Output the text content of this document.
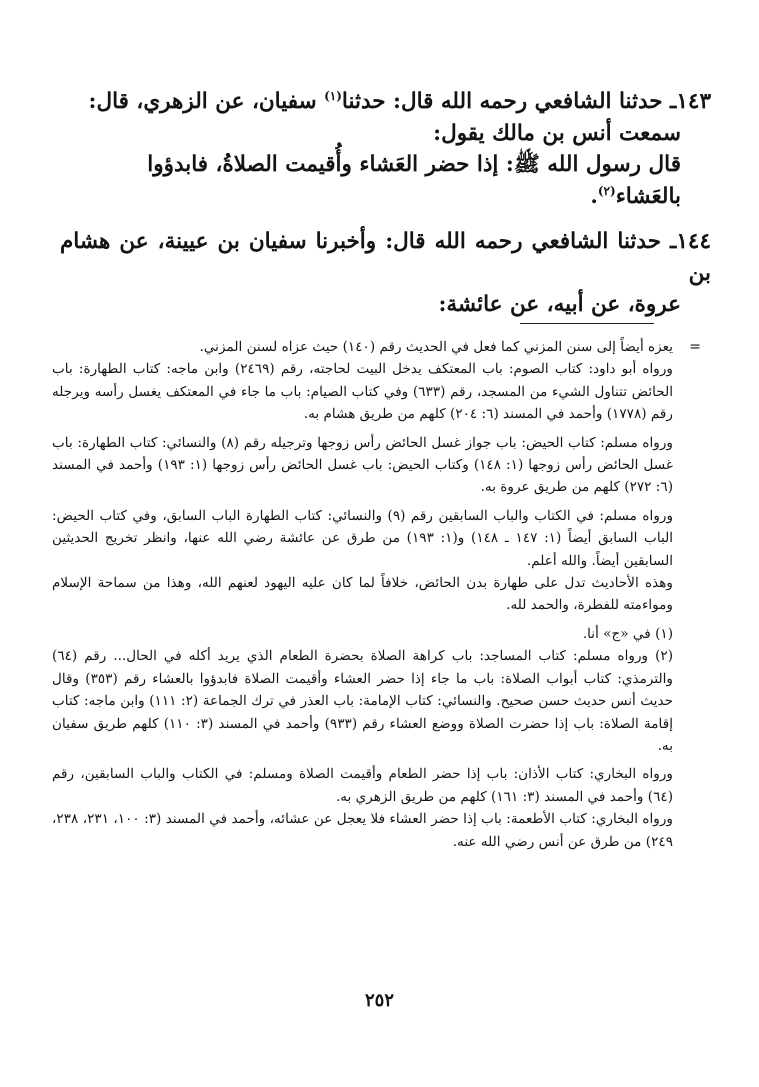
١٤٣ـ حدثنا الشافعي رحمه الله قال: حدثنا$^{(١)}$ سفيان، عن الزهري، قال:

سمعت أنس بن مالك يقول:

قال رسول الله ﷺ: إذا حضر العَشاء وأُقيمت الصلاةُ، فابدؤوا

بالعَشاء$^{(٢)}$.

١٤٤ـ حدثنا الشافعي رحمه الله قال: وأخبرنا سفيان بن عيينة، عن هشام بن

عروة، عن أبيه، عن عائشة:

=

يعزه أيضاً إلى سنن المزني كما فعل في الحديث رقم (١٤٠) حيث عزاه لسنن المزني.

ورواه أبو داود: كتاب الصوم: باب المعتكف يدخل البيت لحاجته، رقم (٢٤٦٩) وابن ماجه: كتاب الطهارة: باب الحائض تتناول الشيء من المسجد، رقم (٦٣٣) وفي كتاب الصيام: باب ما جاء في المعتكف يغسل رأسه ويرجله رقم (١٧٧٨) وأحمد في المسند (٦: ٢٠٤) كلهم من طريق هشام به.

ورواه مسلم: كتاب الحيض: باب جواز غسل الحائض رأس زوجها وترجيله رقم (٨) والنسائي: كتاب الطهارة: باب غسل الحائض رأس زوجها (١: ١٤٨) وكتاب الحيض: باب غسل الحائض رأس زوجها (١: ١٩٣) وأحمد في المسند (٦: ٢٧٢) كلهم من طريق عروة به.

ورواه مسلم: في الكتاب والباب السابقين رقم (٩) والنسائي: كتاب الطهارة الباب السابق، وفي كتاب الحيض: الباب السابق أيضاً (١: ١٤٧ ـ ١٤٨) و(١: ١٩٣) من طرق عن عائشة رضي الله عنها، وانظر تخريج الحديثين السابقين أيضاً. والله أعلم.

وهذه الأحاديث تدل على طهارة بدن الحائض، خلافاً لما كان عليه اليهود لعنهم الله، وهذا من سماحة الإسلام ومواءمته للفطرة، والحمد لله.

(١) في «ج» أنا.

(٢) ورواه مسلم: كتاب المساجد: باب كراهة الصلاة بحضرة الطعام الذي يريد أكله في الحال... رقم (٦٤) والترمذي: كتاب أبواب الصلاة: باب ما جاء إذا حضر العشاء وأقيمت الصلاة فابدؤوا بالعشاء رقم (٣٥٣) وقال حديث أنس حديث حسن صحيح. والنسائي: كتاب الإمامة: باب العذر في ترك الجماعة (٢: ١١١) وابن ماجه: كتاب إقامة الصلاة: باب إذا حضرت الصلاة ووضع العشاء رقم (٩٣٣) وأحمد في المسند (٣: ١١٠) كلهم طريق سفيان به.

ورواه البخاري: كتاب الأذان: باب إذا حضر الطعام وأقيمت الصلاة ومسلم: في الكتاب والباب السابقين، رقم (٦٤) وأحمد في المسند (٣: ١٦١) كلهم من طريق الزهري به.

ورواه البخاري: كتاب الأطعمة: باب إذا حضر العشاء فلا يعجل عن عشائه، وأحمد في المسند (٣: ١٠٠، ٢٣١، ٢٣٨، ٢٤٩) من طرق عن أنس رضي الله عنه.

٢٥٢
